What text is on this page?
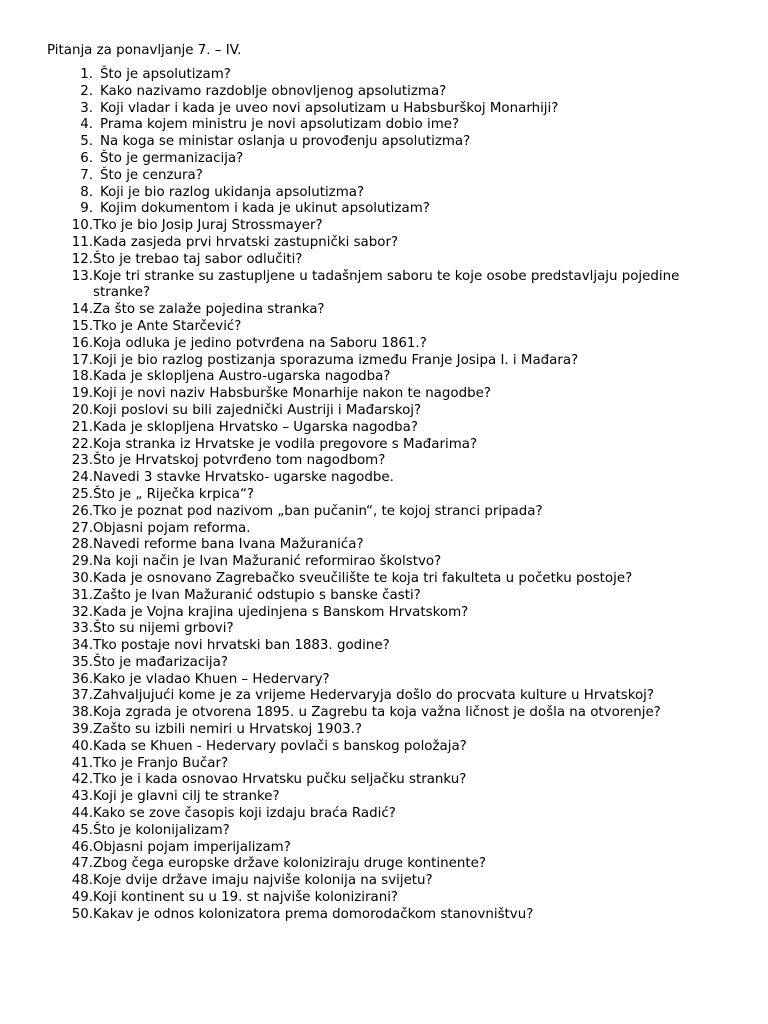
Pitanja za ponavljanje 7. – IV.
1. Što je apsolutizam?
2. Kako nazivamo razdoblje obnovljenog apsolutizma?
3. Koji vladar i kada je uveo novi apsolutizam u Habsburškoj Monarhiji?
4. Prama kojem ministru je novi apsolutizam dobio ime?
5. Na koga se ministar oslanja u provođenju apsolutizma?
6. Što je germanizacija?
7. Što je cenzura?
8. Koji je bio razlog ukidanja apsolutizma?
9. Kojim dokumentom i kada je ukinut apsolutizam?
10. Tko je bio Josip Juraj Strossmayer?
11. Kada zasjeda prvi hrvatski zastupnički sabor?
12. Što je trebao taj sabor odlučiti?
13. Koje tri stranke su zastupljene u tadašnjem saboru te koje osobe predstavljaju pojedine stranke?
14. Za što se zalaže pojedina stranka?
15. Tko je Ante Starčević?
16. Koja odluka je jedino potvrđena na Saboru 1861.?
17. Koji je bio razlog postizanja sporazuma između Franje Josipa I. i Mađara?
18. Kada je sklopljena Austro-ugarska nagodba?
19. Koji je novi naziv Habsburške Monarhije nakon te nagodbe?
20. Koji poslovi su bili zajednički Austriji i Mađarskoj?
21. Kada je sklopljena Hrvatsko – Ugarska nagodba?
22. Koja stranka iz Hrvatske je vodila pregovore s Mađarima?
23. Što je Hrvatskoj potvrđeno tom nagodbom?
24. Navedi 3 stavke Hrvatsko- ugarske nagodbe.
25. Što je „ Riječka krpica“?
26. Tko je poznat pod nazivom „ban pučanin“, te kojoj stranci pripada?
27. Objasni pojam reforma.
28. Navedi reforme bana Ivana Mažuranića?
29. Na koji način je Ivan Mažuranić reformirao školstvo?
30. Kada je osnovano Zagrebačko sveučilište te koja tri fakulteta u početku postoje?
31. Zašto je Ivan Mažuranić odstupio s banske časti?
32. Kada je Vojna krajina ujedinjena s Banskom Hrvatskom?
33. Što su nijemi grbovi?
34. Tko postaje novi hrvatski ban 1883. godine?
35. Što je mađarizacija?
36. Kako je vladao Khuen – Hedervary?
37. Zahvaljujući kome je za vrijeme Hedervaryja došlo do procvata kulture u Hrvatskoj?
38. Koja zgrada je otvorena 1895. u Zagrebu ta koja važna ličnost je došla na otvorenje?
39. Zašto su izbili nemiri u Hrvatskoj 1903.?
40. Kada se Khuen - Hedervary povlači s banskog položaja?
41. Tko je Franjo Bučar?
42. Tko je i kada osnovao Hrvatsku pučku seljačku stranku?
43. Koji je glavni cilj te stranke?
44. Kako se zove časopis koji izdaju braća Radić?
45. Što je kolonijalizam?
46. Objasni pojam imperijalizam?
47. Zbog čega europske države koloniziraju druge kontinente?
48. Koje dvije države imaju najviše kolonija na svijetu?
49. Koji kontinent su u 19. st najviše kolonizirani?
50. Kakav je odnos kolonizatora prema domorodačkom stanovništvu?
